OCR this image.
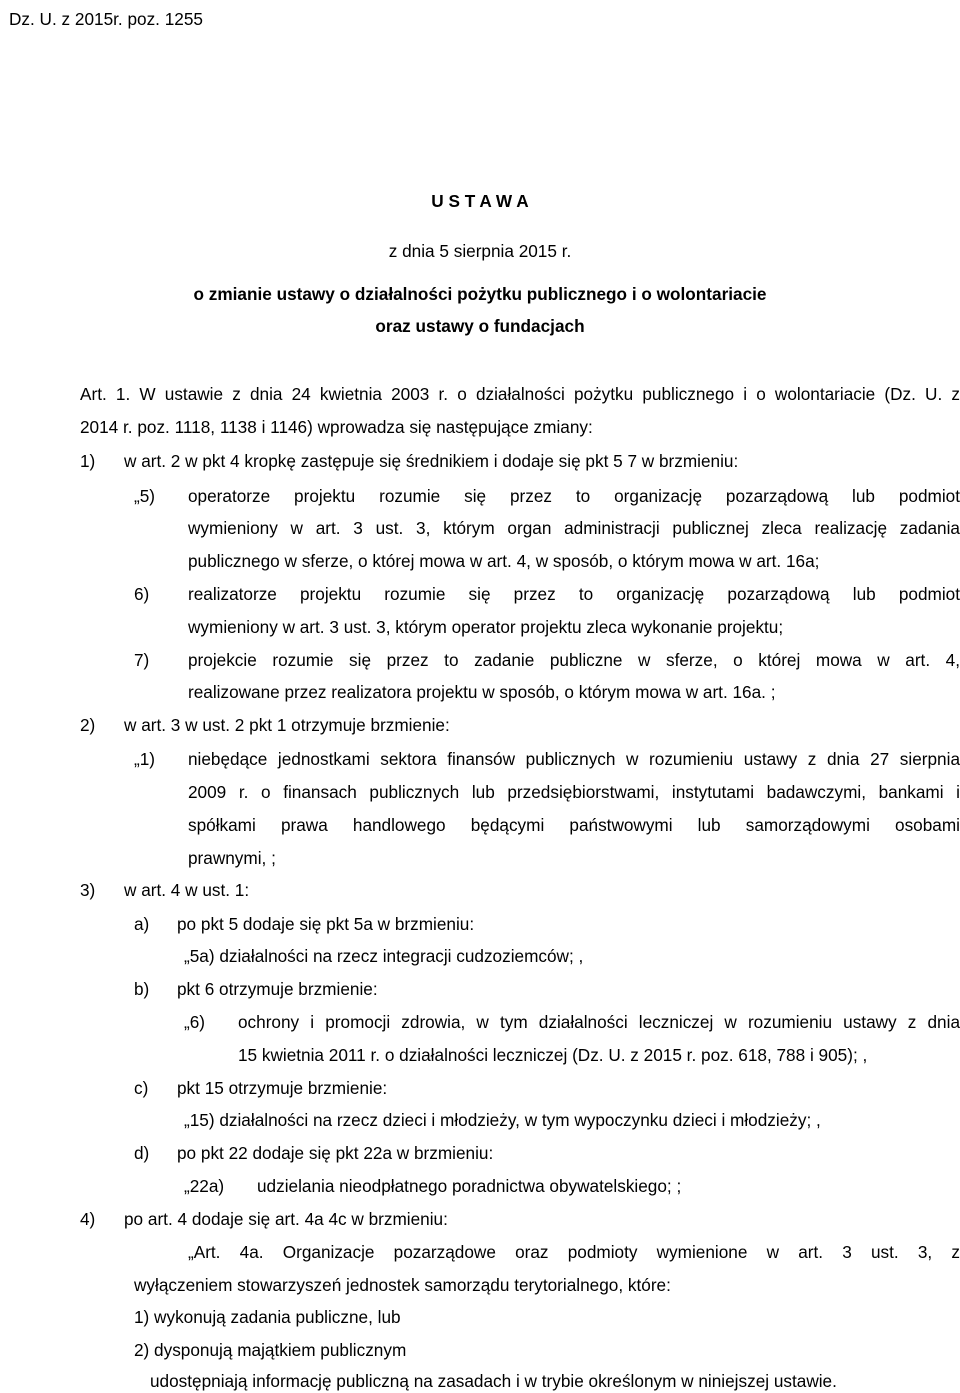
Dz. U. z 2015r. poz. 1255
U S T A W A
z dnia 5 sierpnia 2015 r.
o zmianie ustawy o działalności pożytku publicznego i o wolontariacie
oraz ustawy o fundacjach
Art. 1. W ustawie z dnia 24 kwietnia 2003 r. o działalności pożytku publicznego i o wolontariacie (Dz. U. z
2014 r. poz. 1118, 1138 i 1146) wprowadza się następujące zmiany:
1) w art. 2 w pkt 4 kropkę zastępuje się średnikiem i dodaje się pkt 5 7 w brzmieniu:
„5) operatorze projektu rozumie się przez to organizację pozarządową lub podmiot
wymieniony w art. 3 ust. 3, którym organ administracji publicznej zleca realizację zadania
publicznego w sferze, o której mowa w art. 4, w sposób, o którym mowa w art. 16a;
6) realizatorze projektu rozumie się przez to organizację pozarządową lub podmiot
wymieniony w art. 3 ust. 3, którym operator projektu zleca wykonanie projektu;
7) projekcie rozumie się przez to zadanie publiczne w sferze, o której mowa w art. 4,
realizowane przez realizatora projektu w sposób, o którym mowa w art. 16a. ;
2) w art. 3 w ust. 2 pkt 1 otrzymuje brzmienie:
„1) niebędące jednostkami sektora finansów publicznych w rozumieniu ustawy z dnia 27 sierpnia
2009 r. o finansach publicznych lub przedsiębiorstwami, instytutami badawczymi, bankami i
spółkami prawa handlowego będącymi państwowymi lub samorządowymi osobami
prawnymi, ;
3) w art. 4 w ust. 1:
a) po pkt 5 dodaje się pkt 5a w brzmieniu:
„5a) działalności na rzecz integracji cudzoziemców; ,
b) pkt 6 otrzymuje brzmienie:
„6) ochrony i promocji zdrowia, w tym działalności leczniczej w rozumieniu ustawy z dnia
15 kwietnia 2011 r. o działalności leczniczej (Dz. U. z 2015 r. poz. 618, 788 i 905); ,
c) pkt 15 otrzymuje brzmienie:
„15) działalności na rzecz dzieci i młodzieży, w tym wypoczynku dzieci i młodzieży; ,
d) po pkt 22 dodaje się pkt 22a w brzmieniu:
„22a) udzielania nieodpłatnego poradnictwa obywatelskiego; ;
4) po art. 4 dodaje się art. 4a 4c w brzmieniu:
„Art. 4a. Organizacje pozarządowe oraz podmioty wymienione w art. 3 ust. 3, z
wyłączeniem stowarzyszeń jednostek samorządu terytorialnego, które:
1) wykonują zadania publiczne, lub
2) dysponują majątkiem publicznym
udostępniają informację publiczną na zasadach i w trybie określonym w niniejszej ustawie.
